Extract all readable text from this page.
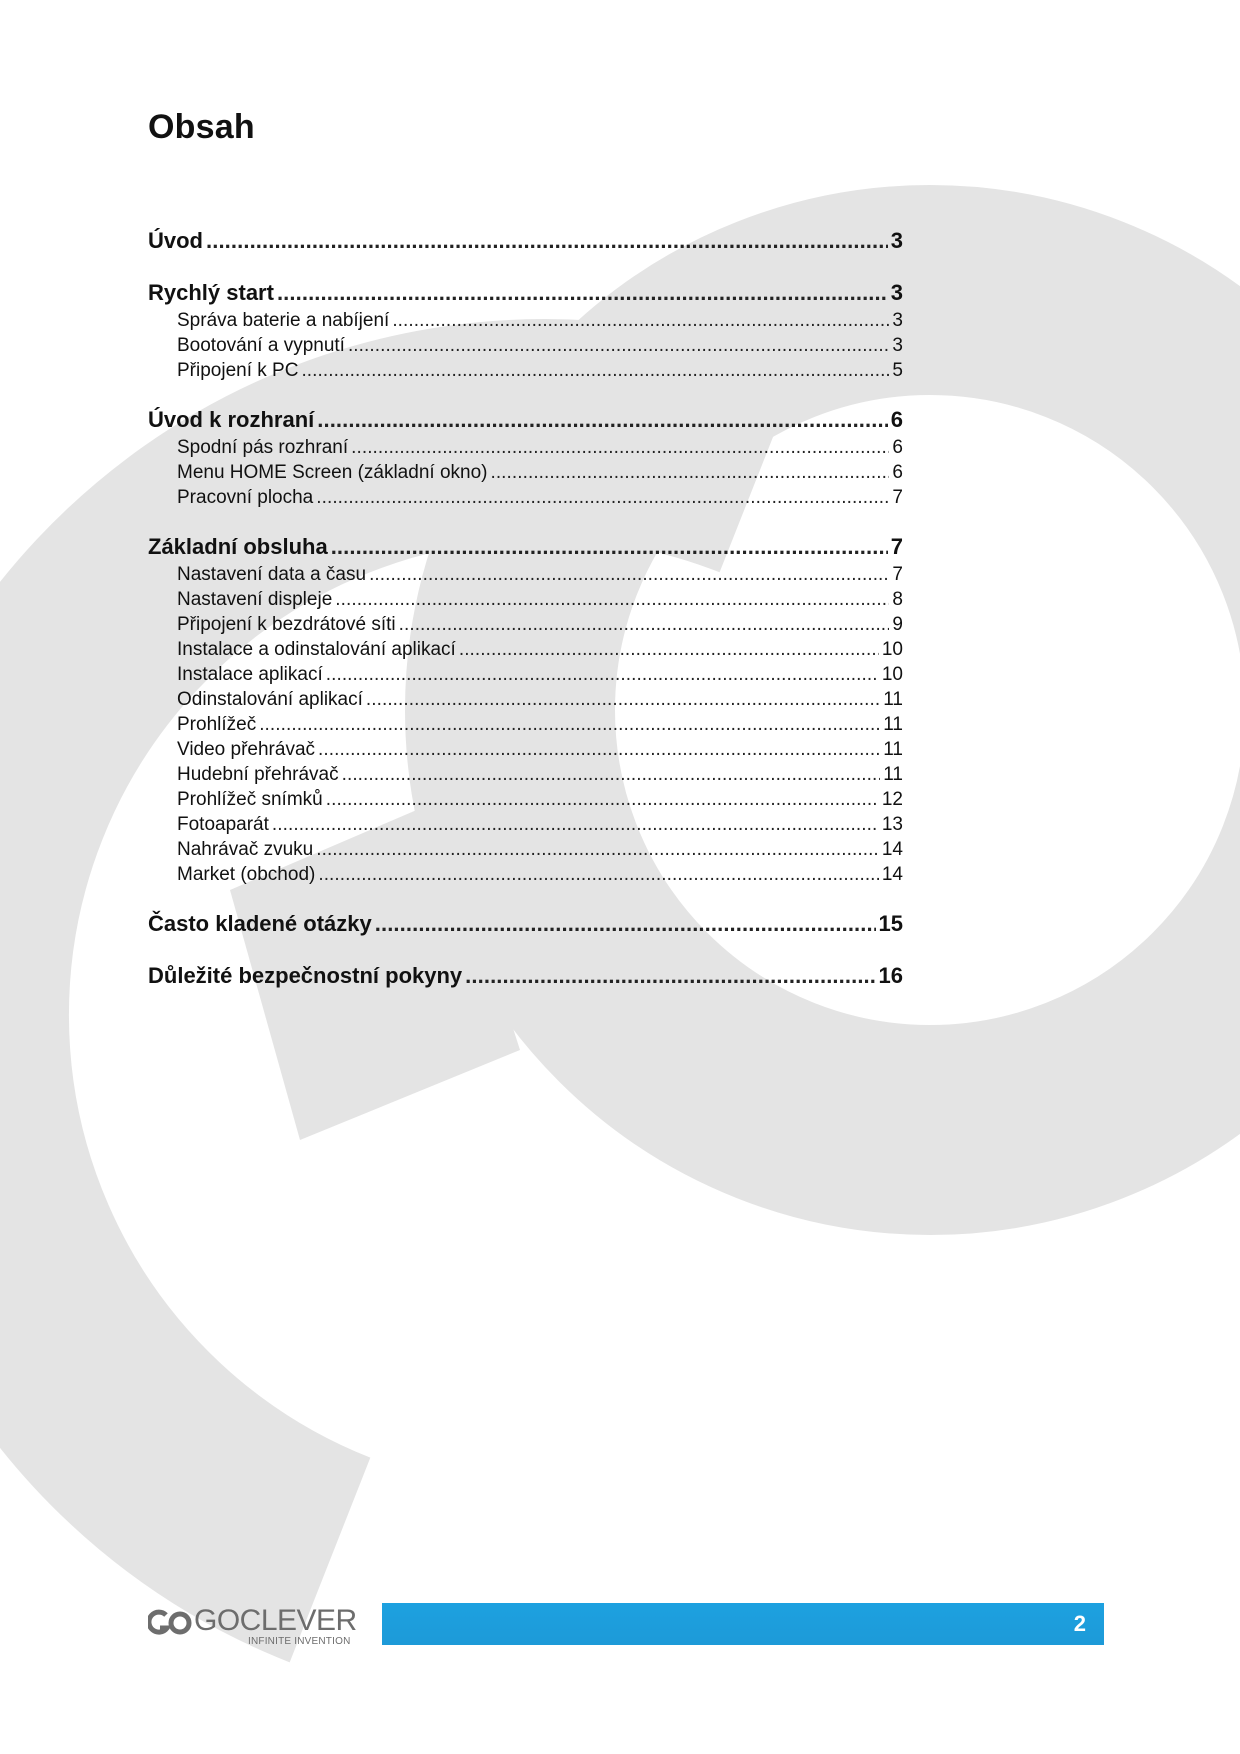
Obsah
Úvod . . .	3
Rychlý start . . .	3
Správa baterie a nabíjení . . .	3
Bootování a vypnutí . . .	3
Připojení k PC . . .	5
Úvod k rozhraní . . .	6
Spodní pás rozhraní . . .	6
Menu HOME Screen (základní okno) . . .	6
Pracovní plocha . . .	7
Základní obsluha . . .	7
Nastavení data a času . . .	7
Nastavení displeje . . .	8
Připojení k bezdrátové síti . . .	9
Instalace a odinstalování aplikací . . .	10
Instalace aplikací . . .	10
Odinstalování aplikací . . .	11
Prohlížeč . . .	11
Video přehrávač . . .	11
Hudební přehrávač . . .	11
Prohlížeč snímků . . .	12
Fotoaparát . . .	13
Nahrávač zvuku . . .	14
Market (obchod) . . .	14
Často kladené otázky . . .	15
Důležité bezpečnostní pokyny . . .	16
GOCLEVER
INFINITE INVENTION
2
